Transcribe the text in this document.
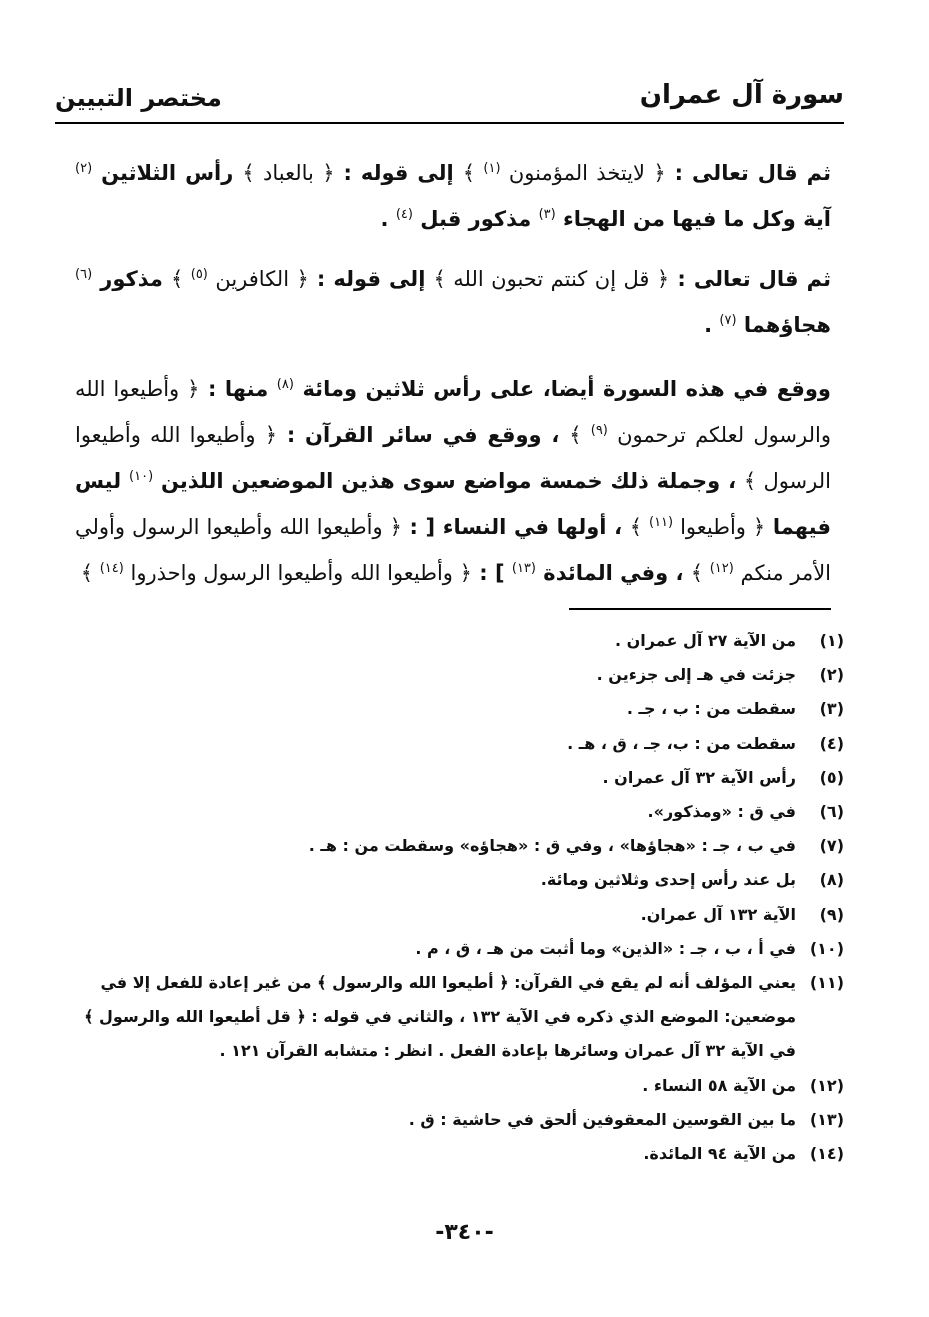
سورة آل عمران
مختصر التبيين

ثم قال تعالى : ﴿ لايتخذ المؤمنون $^{(١)}$ ﴾ إلى قوله : ﴿ بالعباد ﴾ رأس الثلاثين $^{(٢)}$ آية وكل ما فيها من الهجاء $^{(٣)}$ مذكور قبل $^{(٤)}$ .

ثم قال تعالى : ﴿ قل إن كنتم تحبون الله ﴾ إلى قوله : ﴿ الكافرين $^{(٥)}$ ﴾ مذكور $^{(٦)}$ هجاؤهما $^{(٧)}$ .

ووقع في هذه السورة أيضا، على رأس ثلاثين ومائة $^{(٨)}$ منها : ﴿ وأطيعوا الله والرسول لعلكم ترحمون $^{(٩)}$ ﴾ ، ووقع في سائر القرآن : ﴿ وأطيعوا الله وأطيعوا الرسول ﴾ ، وجملة ذلك خمسة مواضع سوى هذين الموضعين اللذين $^{(١٠)}$ ليس فيهما ﴿ وأطيعوا $^{(١١)}$ ﴾ ، أولها في النساء [ : ﴿ وأطيعوا الله وأطيعوا الرسول وأولي الأمر منكم $^{(١٢)}$ ﴾ ، وفي المائدة $^{(١٣)}$ ] : ﴿ وأطيعوا الله وأطيعوا الرسول واحذروا $^{(١٤)}$ ﴾

(١)
من الآية ٢٧ آل عمران .
(٢)
جزئت في هـ إلى جزءين .
(٣)
سقطت من : ب ، جـ .
(٤)
سقطت من : ب، جـ ، ق ، هـ .
(٥)
رأس الآية ٣٢ آل عمران .
(٦)
في ق : «ومذكور».
(٧)
في ب ، جـ : «هجاؤها» ، وفي ق : «هجاؤه» وسقطت من : هـ .
(٨)
بل عند رأس إحدى وثلاثين ومائة.
(٩)
الآية ١٣٢ آل عمران.
(١٠)
في أ ، ب ، جـ : «الذين» وما أثبت من هـ ، ق ، م .
(١١)
يعني المؤلف أنه لم يقع في القرآن: ﴿ أطيعوا الله والرسول ﴾ من غير إعادة للفعل إلا في موضعين: الموضع الذي ذكره في الآية ١٣٢ ، والثاني في قوله : ﴿ قل أطيعوا الله والرسول ﴾ في الآية ٣٢ آل عمران وسائرها بإعادة الفعل . انظر : متشابه القرآن ١٢١ .
(١٢)
من الآية ٥٨ النساء .
(١٣)
ما بين القوسين المعقوفين ألحق في حاشية : ق .
(١٤)
من الآية ٩٤ المائدة.
-٣٤٠-
